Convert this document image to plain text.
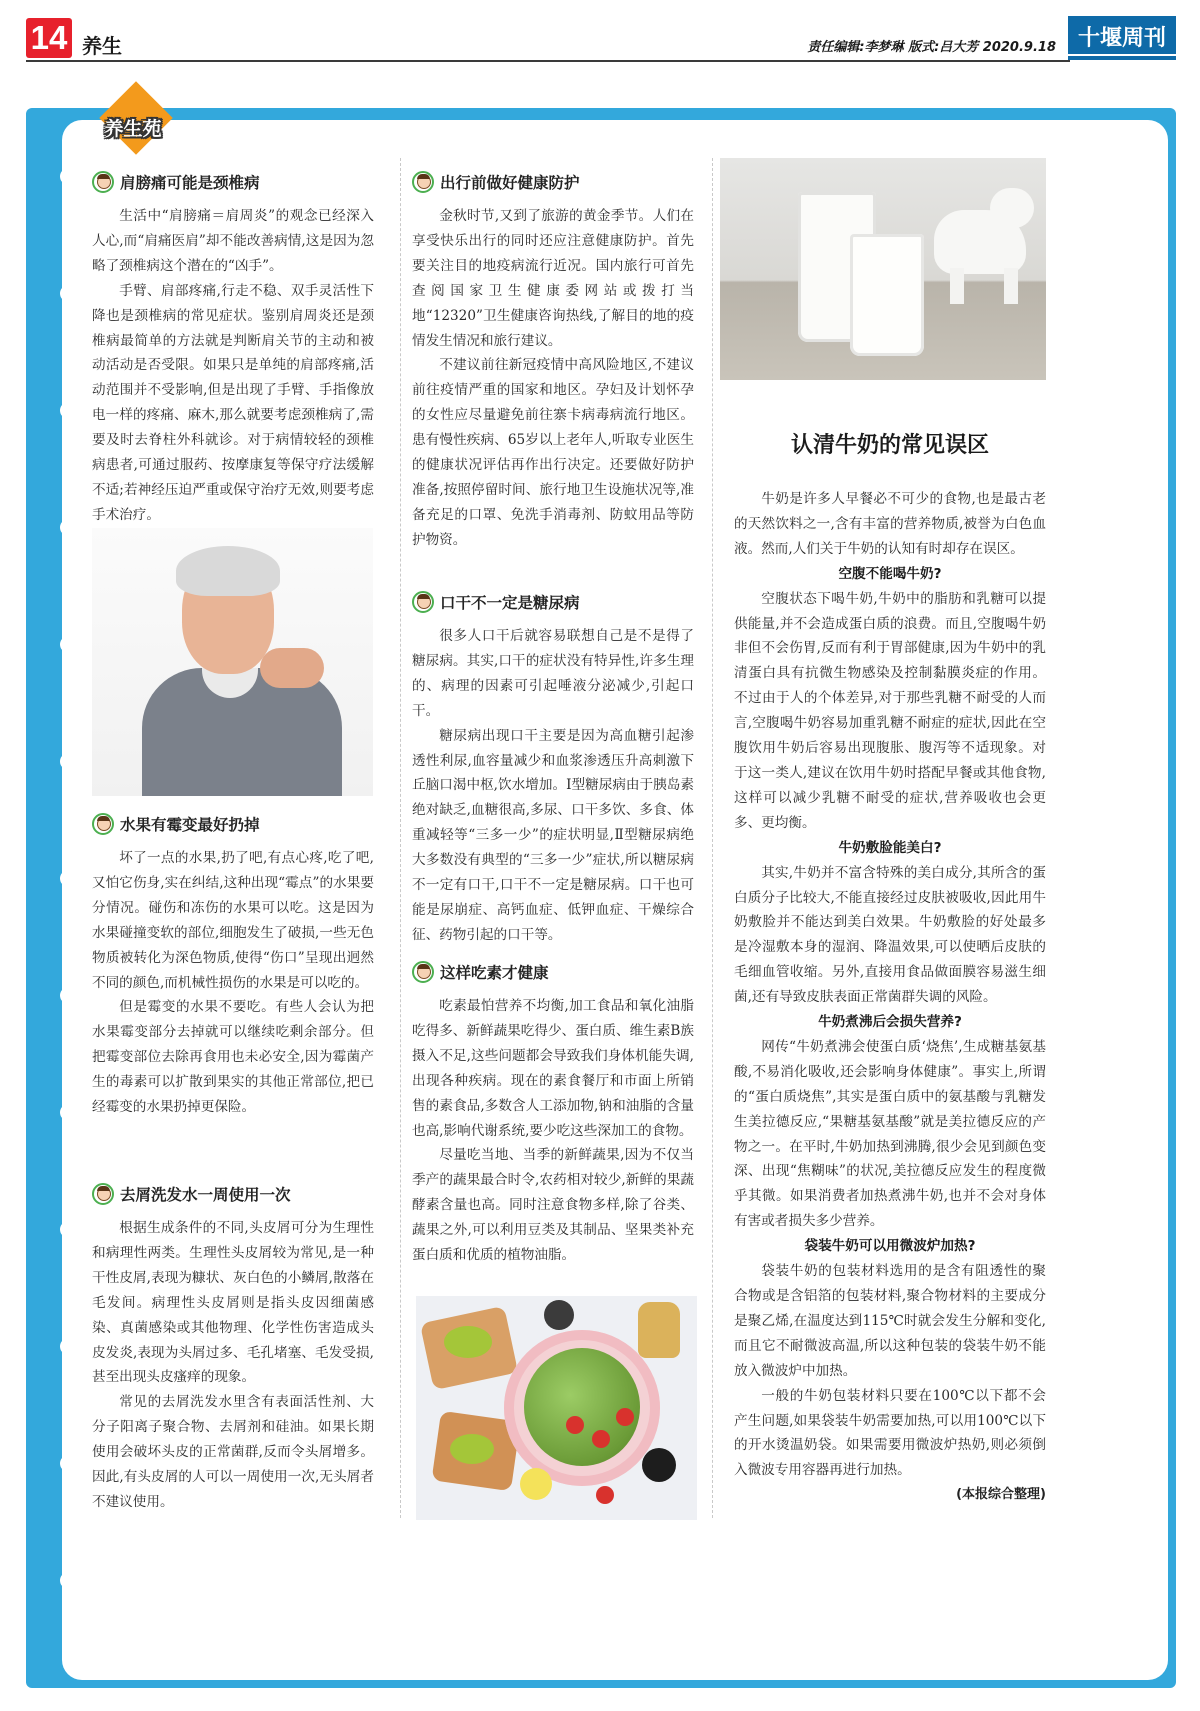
14 养生	责任编辑:李梦琳 版式:吕大芳 2020.9.18 十堰周刊
养生苑
肩膀痛可能是颈椎病

生活中“肩膀痛＝肩周炎”的观念已经深入人心,而“肩痛医肩”却不能改善病情,这是因为忽略了颈椎病这个潜在的“凶手”。

手臂、肩部疼痛,行走不稳、双手灵活性下降也是颈椎病的常见症状。鉴别肩周炎还是颈椎病最简单的方法就是判断肩关节的主动和被动活动是否受限。如果只是单纯的肩部疼痛,活动范围并不受影响,但是出现了手臂、手指像放电一样的疼痛、麻木,那么就要考虑颈椎病了,需要及时去脊柱外科就诊。对于病情较轻的颈椎病患者,可通过服药、按摩康复等保守疗法缓解不适;若神经压迫严重或保守治疗无效,则要考虑手术治疗。

水果有霉变最好扔掉

坏了一点的水果,扔了吧,有点心疼,吃了吧,又怕它伤身,实在纠结,这种出现“霉点”的水果要分情况。碰伤和冻伤的水果可以吃。这是因为水果碰撞变软的部位,细胞发生了破损,一些无色物质被转化为深色物质,使得“伤口”呈现出迥然不同的颜色,而机械性损伤的水果是可以吃的。

但是霉变的水果不要吃。有些人会认为把水果霉变部分去掉就可以继续吃剩余部分。但把霉变部位去除再食用也未必安全,因为霉菌产生的毒素可以扩散到果实的其他正常部位,把已经霉变的水果扔掉更保险。

去屑洗发水一周使用一次

根据生成条件的不同,头皮屑可分为生理性和病理性两类。生理性头皮屑较为常见,是一种干性皮屑,表现为糠状、灰白色的小鳞屑,散落在毛发间。病理性头皮屑则是指头皮因细菌感染、真菌感染或其他物理、化学性伤害造成头皮发炎,表现为头屑过多、毛孔堵塞、毛发受损,甚至出现头皮瘙痒的现象。

常见的去屑洗发水里含有表面活性剂、大分子阳离子聚合物、去屑剂和硅油。如果长期使用会破坏头皮的正常菌群,反而令头屑增多。因此,有头皮屑的人可以一周使用一次,无头屑者不建议使用。

出行前做好健康防护

金秋时节,又到了旅游的黄金季节。人们在享受快乐出行的同时还应注意健康防护。首先要关注目的地疫病流行近况。国内旅行可首先查阅国家卫生健康委网站或拨打当地“12320”卫生健康咨询热线,了解目的地的疫情发生情况和旅行建议。

不建议前往新冠疫情中高风险地区,不建议前往疫情严重的国家和地区。孕妇及计划怀孕的女性应尽量避免前往寨卡病毒病流行地区。患有慢性疾病、65岁以上老年人,听取专业医生的健康状况评估再作出行决定。还要做好防护准备,按照停留时间、旅行地卫生设施状况等,准备充足的口罩、免洗手消毒剂、防蚊用品等防护物资。

口干不一定是糖尿病

很多人口干后就容易联想自己是不是得了糖尿病。其实,口干的症状没有特异性,许多生理的、病理的因素可引起唾液分泌减少,引起口干。

糖尿病出现口干主要是因为高血糖引起渗透性利尿,血容量减少和血浆渗透压升高刺激下丘脑口渴中枢,饮水增加。Ⅰ型糖尿病由于胰岛素绝对缺乏,血糖很高,多尿、口干多饮、多食、体重减轻等“三多一少”的症状明显,Ⅱ型糖尿病绝大多数没有典型的“三多一少”症状,所以糖尿病不一定有口干,口干不一定是糖尿病。口干也可能是尿崩症、高钙血症、低钾血症、干燥综合征、药物引起的口干等。

这样吃素才健康

吃素最怕营养不均衡,加工食品和氧化油脂吃得多、新鲜蔬果吃得少、蛋白质、维生素B族摄入不足,这些问题都会导致我们身体机能失调,出现各种疾病。现在的素食餐厅和市面上所销售的素食品,多数含人工添加物,钠和油脂的含量也高,影响代谢系统,要少吃这些深加工的食物。

尽量吃当地、当季的新鲜蔬果,因为不仅当季产的蔬果最合时令,农药相对较少,新鲜的果蔬酵素含量也高。同时注意食物多样,除了谷类、蔬果之外,可以利用豆类及其制品、坚果类补充蛋白质和优质的植物油脂。

认清牛奶的常见误区

牛奶是许多人早餐必不可少的食物,也是最古老的天然饮料之一,含有丰富的营养物质,被誉为白色血液。然而,人们关于牛奶的认知有时却存在误区。

空腹不能喝牛奶?

空腹状态下喝牛奶,牛奶中的脂肪和乳糖可以提供能量,并不会造成蛋白质的浪费。而且,空腹喝牛奶非但不会伤胃,反而有利于胃部健康,因为牛奶中的乳清蛋白具有抗微生物感染及控制黏膜炎症的作用。不过由于人的个体差异,对于那些乳糖不耐受的人而言,空腹喝牛奶容易加重乳糖不耐症的症状,因此在空腹饮用牛奶后容易出现腹胀、腹泻等不适现象。对于这一类人,建议在饮用牛奶时搭配早餐或其他食物,这样可以减少乳糖不耐受的症状,营养吸收也会更多、更均衡。

牛奶敷脸能美白?

其实,牛奶并不富含特殊的美白成分,其所含的蛋白质分子比较大,不能直接经过皮肤被吸收,因此用牛奶敷脸并不能达到美白效果。牛奶敷脸的好处最多是冷湿敷本身的湿润、降温效果,可以使晒后皮肤的毛细血管收缩。另外,直接用食品做面膜容易滋生细菌,还有导致皮肤表面正常菌群失调的风险。

牛奶煮沸后会损失营养?

网传“牛奶煮沸会使蛋白质‘烧焦’,生成糖基氨基酸,不易消化吸收,还会影响身体健康”。事实上,所谓的“蛋白质烧焦”,其实是蛋白质中的氨基酸与乳糖发生美拉德反应,“果糖基氨基酸”就是美拉德反应的产物之一。在平时,牛奶加热到沸腾,很少会见到颜色变深、出现“焦糊味”的状况,美拉德反应发生的程度微乎其微。如果消费者加热煮沸牛奶,也并不会对身体有害或者损失多少营养。

袋装牛奶可以用微波炉加热?

袋装牛奶的包装材料选用的是含有阻透性的聚合物或是含铝箔的包装材料,聚合物材料的主要成分是聚乙烯,在温度达到115℃时就会发生分解和变化,而且它不耐微波高温,所以这种包装的袋装牛奶不能放入微波炉中加热。

一般的牛奶包装材料只要在100℃以下都不会产生问题,如果袋装牛奶需要加热,可以用100℃以下的开水烫温奶袋。如果需要用微波炉热奶,则必须倒入微波专用容器再进行加热。

(本报综合整理)
